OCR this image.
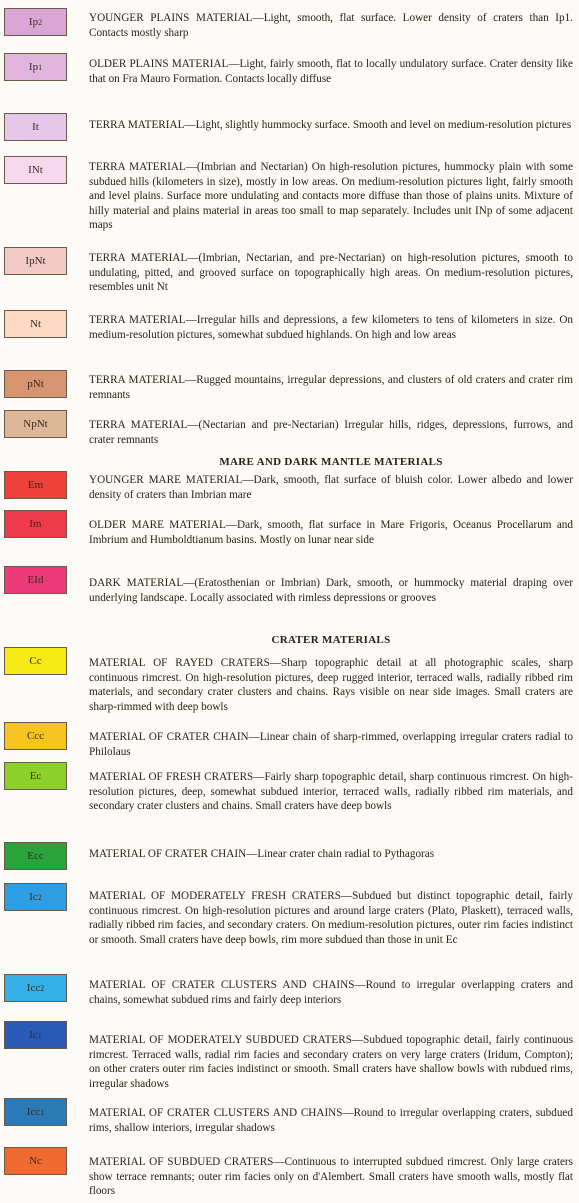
Ip 2	YOUNGER PLAINS MATERIAL—Light, smooth, flat surface. Lower density of craters than Ip1. Contacts mostly sharp
Ip 1	OLDER PLAINS MATERIAL—Light, fairly smooth, flat to locally undulatory surface. Crater density like that on Fra Mauro Formation. Contacts locally diffuse
It	TERRA MATERIAL—Light, slightly hummocky surface. Smooth and level on medium-resolution pictures
INt	TERRA MATERIAL—(Imbrian and Nectarian) On high-resolution pictures, hummocky plain with some subdued hills (kilometers in size), mostly in low areas. On medium-resolution pictures light, fairly smooth and level plains. Surface more undulating and contacts more diffuse than those of plains units. Mixture of hilly material and plains material in areas too small to map separately. Includes unit INp of some adjacent maps
IpNt	TERRA MATERIAL—(Imbrian, Nectarian, and pre-Nectarian) on high-resolution pictures, smooth to undulating, pitted, and grooved surface on topographically high areas. On medium-resolution pictures, resembles unit Nt
Nt	TERRA MATERIAL—Irregular hills and depressions, a few kilometers to tens of kilometers in size. On medium-resolution pictures, somewhat subdued highlands. On high and low areas
pNt	TERRA MATERIAL—Rugged mountains, irregular depressions, and clusters of old craters and crater rim remnants
NpNt	TERRA MATERIAL—(Nectarian and pre-Nectarian) Irregular hills, ridges, depressions, furrows, and crater remnants
Em	YOUNGER MARE MATERIAL—Dark, smooth, flat surface of bluish color. Lower albedo and lower density of craters than Imbrian mare
Im	OLDER MARE MATERIAL—Dark, smooth, flat surface in Mare Frigoris, Oceanus Procellarum and Imbrium and Humboldtianum basins. Mostly on lunar near side
EId	DARK MATERIAL—(Eratosthenian or Imbrian) Dark, smooth, or hummocky material draping over underlying landscape. Locally associated with rimless depressions or grooves
Cc	MATERIAL OF RAYED CRATERS—Sharp topographic detail at all photographic scales, sharp continuous rimcrest. On high-resolution pictures, deep rugged interior, terraced walls, radially ribbed rim materials, and secondary crater clusters and chains. Rays visible on near side images. Small craters are sharp-rimmed with deep bowls
Ccc	MATERIAL OF CRATER CHAIN—Linear chain of sharp-rimmed, overlapping irregular craters radial to Philolaus
Ec	MATERIAL OF FRESH CRATERS—Fairly sharp topographic detail, sharp continuous rimcrest. On high-resolution pictures, deep, somewhat subdued interior, terraced walls, radially ribbed rim materials, and secondary crater clusters and chains. Small craters have deep bowls
Ecc	MATERIAL OF CRATER CHAIN—Linear crater chain radial to Pythagoras
Ic 2	MATERIAL OF MODERATELY FRESH CRATERS—Subdued but distinct topographic detail, fairly continuous rimcrest. On high-resolution pictures and around large craters (Plato, Plaskett), terraced walls, radially ribbed rim facies, and secondary craters. On medium-resolution pictures, outer rim facies indistinct or smooth. Small craters have deep bowls, rim more subdued than those in unit Ec
Icc 2	MATERIAL OF CRATER CLUSTERS AND CHAINS—Round to irregular overlapping craters and chains, somewhat subdued rims and fairly deep interiors
Ic 1	MATERIAL OF MODERATELY SUBDUED CRATERS—Subdued topographic detail, fairly continuous rimcrest. Terraced walls, radial rim facies and secondary craters on very large craters (Iridum, Compton); on other craters outer rim facies indistinct or smooth. Small craters have shallow bowls with rubdued rims, irregular shadows
Icc 1	MATERIAL OF CRATER CLUSTERS AND CHAINS—Round to irregular overlapping craters, subdued rims, shallow interiors, irregular shadows
Nc	MATERIAL OF SUBDUED CRATERS—Continuous to interrupted subdued rimcrest. Only large craters show terrace remnants; outer rim facies only on d'Alembert. Small craters have smooth walls, mostly flat floors
MARE AND DARK MANTLE MATERIALS
CRATER MATERIALS
